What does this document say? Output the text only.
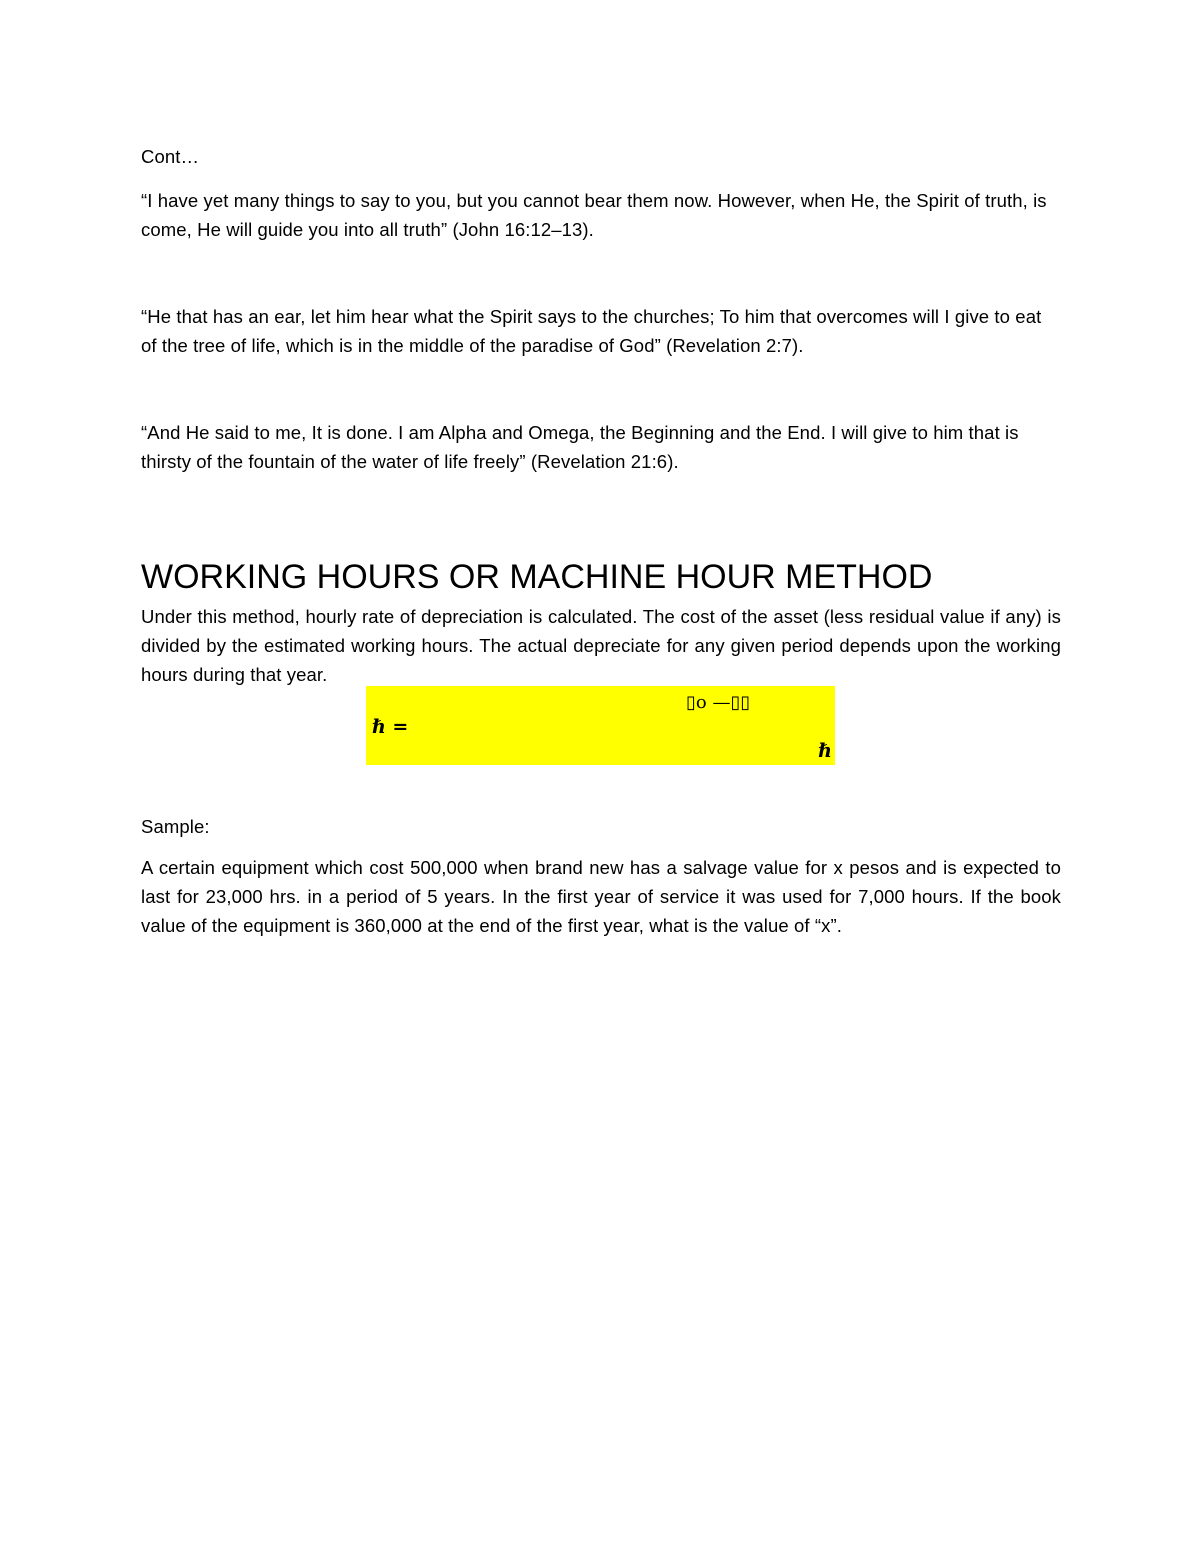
Cont…
“I have yet many things to say to you, but you cannot bear them now. However, when He, the Spirit of truth, is come, He will guide you into all truth” (John 16:12–13).
“He that has an ear, let him hear what the Spirit says to the churches; To him that overcomes will I give to eat of the tree of life, which is in the middle of the paradise of God” (Revelation 2:7).
“And He said to me, It is done. I am Alpha and Omega, the Beginning and the End. I will give to him that is thirsty of the fountain of the water of life freely” (Revelation 21:6).
WORKING HOURS OR MACHINE HOUR METHOD
Under this method, hourly rate of depreciation is calculated. The cost of the asset (less residual value if any) is divided by the estimated working hours. The actual depreciate for any given period depends upon the working hours during that year.
ℏ =
▯o —▯▯
ℏ
Sample:
A certain equipment which cost 500,000 when brand new has a salvage value for x pesos and is expected to last for 23,000 hrs. in a period of 5 years. In the first year of service it was used for 7,000 hours. If the book value of the equipment is 360,000 at the end of the first year, what is the value of “x”.
